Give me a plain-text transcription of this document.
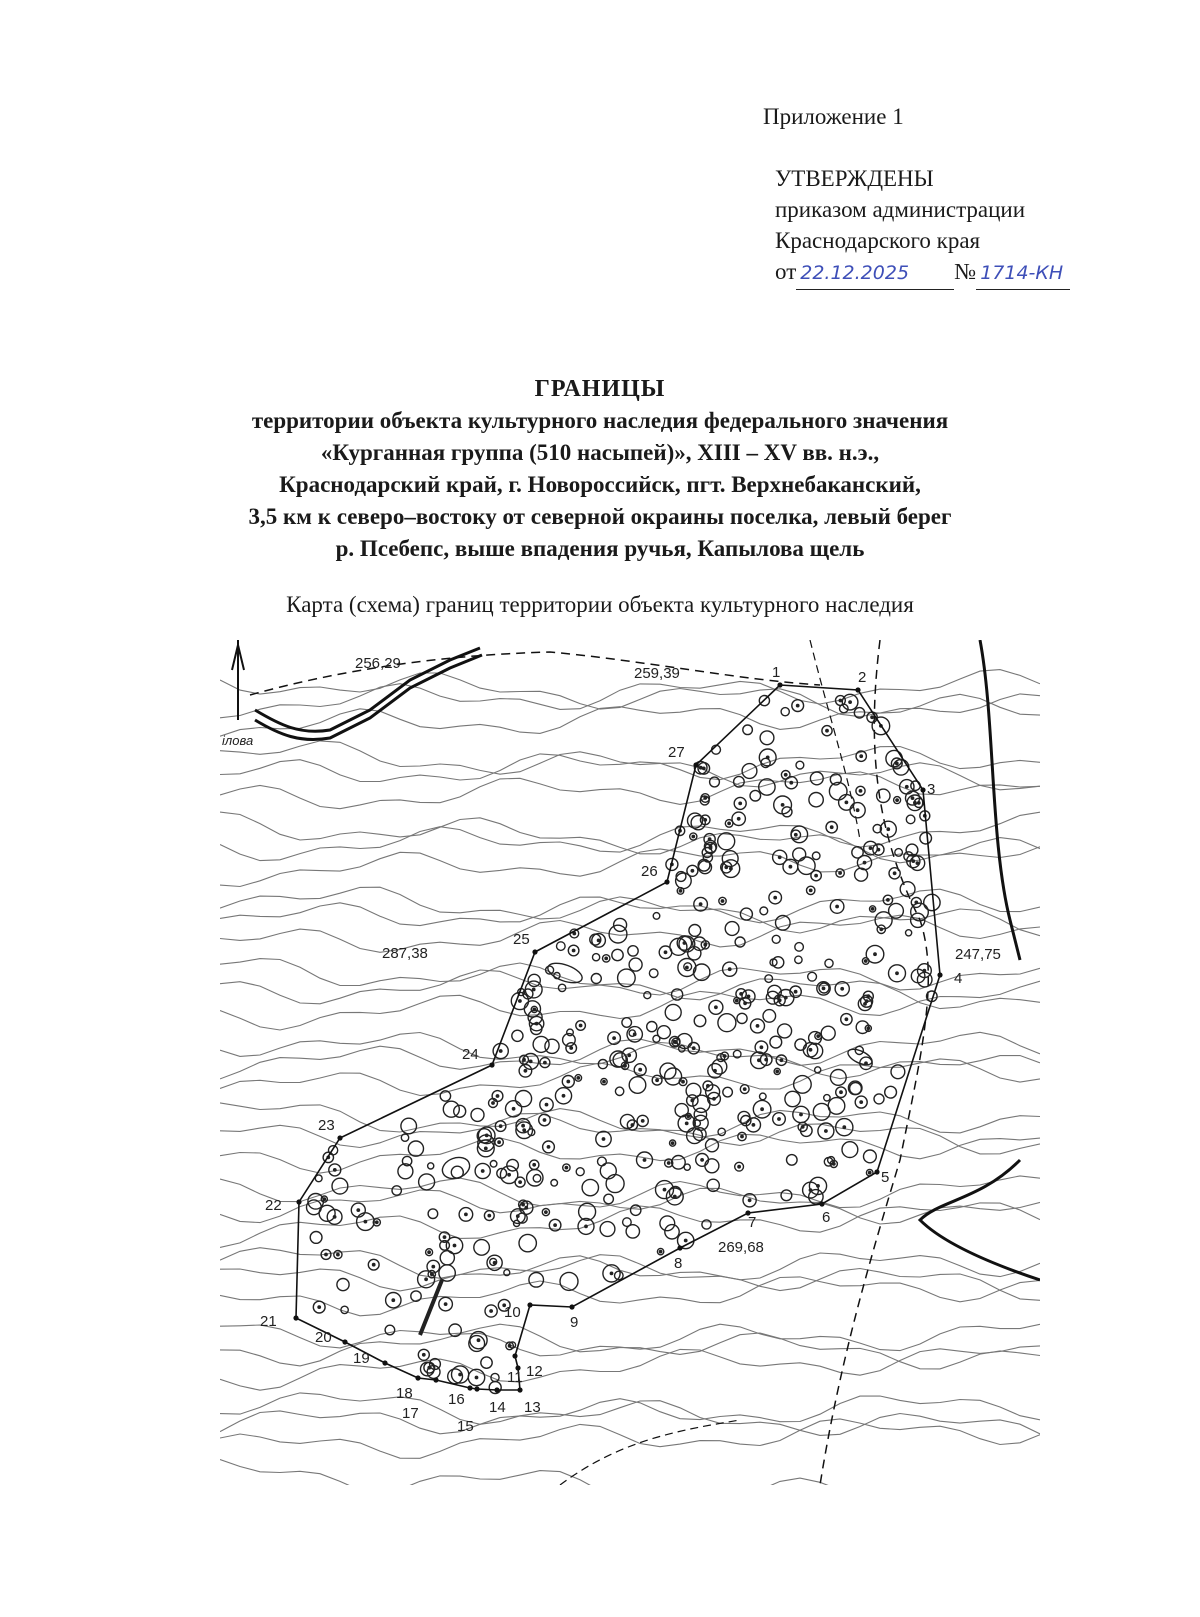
Приложение 1
УТВЕРЖДЕНЫ
приказом администрации
Краснодарского края
от 22.12.2025 № 1714-КН
ГРАНИЦЫ
территории объекта культурного наследия федерального значения
«Курганная группа (510 насыпей)», XIII – XV вв. н.э.,
Краснодарский край, г. Новороссийск, пгт. Верхнебаканский,
3,5 км к северо–востоку от северной окраины поселка, левый берег
р. Псебепс, выше впадения ручья, Капылова щель
Карта (схема) границ территории объекта культурного наследия
1	2
3
4
5
6
7
8
9
10
11 12
13
14
15
16
17
18
19
20
21
22
23
24
25
26
27
256,29
259,39
287,38	247,75
269,68
ілова
